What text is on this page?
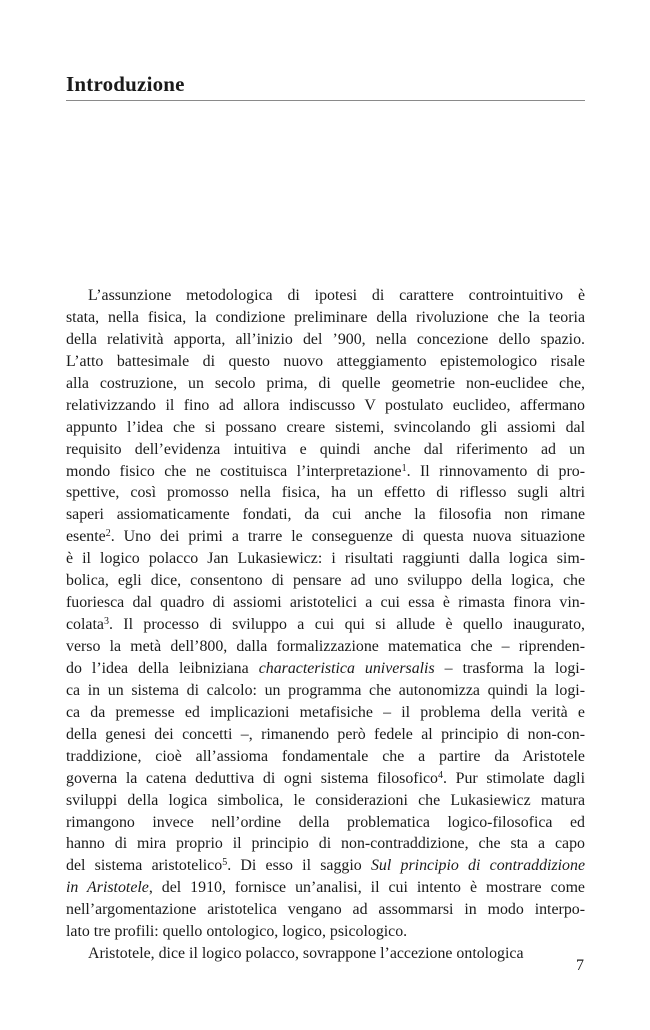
Introduzione
L’assunzione metodologica di ipotesi di carattere controintuitivo è
stata, nella fisica, la condizione preliminare della rivoluzione che la teoria
della relatività apporta, all’inizio del ’900, nella concezione dello spazio.
L’atto battesimale di questo nuovo atteggiamento epistemologico risale
alla costruzione, un secolo prima, di quelle geometrie non-euclidee che,
relativizzando il fino ad allora indiscusso V postulato euclideo, affermano
appunto l’idea che si possano creare sistemi, svincolando gli assiomi dal
requisito dell’evidenza intuitiva e quindi anche dal riferimento ad un
mondo fisico che ne costituisca l’interpretazione$^1$. Il rinnovamento di pro-
spettive, così promosso nella fisica, ha un effetto di riflesso sugli altri
saperi assiomaticamente fondati, da cui anche la filosofia non rimane
esente$^2$. Uno dei primi a trarre le conseguenze di questa nuova situazione
è il logico polacco Jan Lukasiewicz: i risultati raggiunti dalla logica sim-
bolica, egli dice, consentono di pensare ad uno sviluppo della logica, che
fuoriesca dal quadro di assiomi aristotelici a cui essa è rimasta finora vin-
colata$^3$. Il processo di sviluppo a cui qui si allude è quello inaugurato,
verso la metà dell’800, dalla formalizzazione matematica che – riprenden-
do l’idea della leibniziana characteristica universalis – trasforma la logi-
ca in un sistema di calcolo: un programma che autonomizza quindi la logi-
ca da premesse ed implicazioni metafisiche – il problema della verità e
della genesi dei concetti –, rimanendo però fedele al principio di non-con-
traddizione, cioè all’assioma fondamentale che a partire da Aristotele
governa la catena deduttiva di ogni sistema filosofico$^4$. Pur stimolate dagli
sviluppi della logica simbolica, le considerazioni che Lukasiewicz matura
rimangono invece nell’ordine della problematica logico-filosofica ed
hanno di mira proprio il principio di non-contraddizione, che sta a capo
del sistema aristotelico$^5$. Di esso il saggio Sul principio di contraddizione
in Aristotele, del 1910, fornisce un’analisi, il cui intento è mostrare come
nell’argomentazione aristotelica vengano ad assommarsi in modo interpo-
lato tre profili: quello ontologico, logico, psicologico.
Aristotele, dice il logico polacco, sovrappone l’accezione ontologica
7
